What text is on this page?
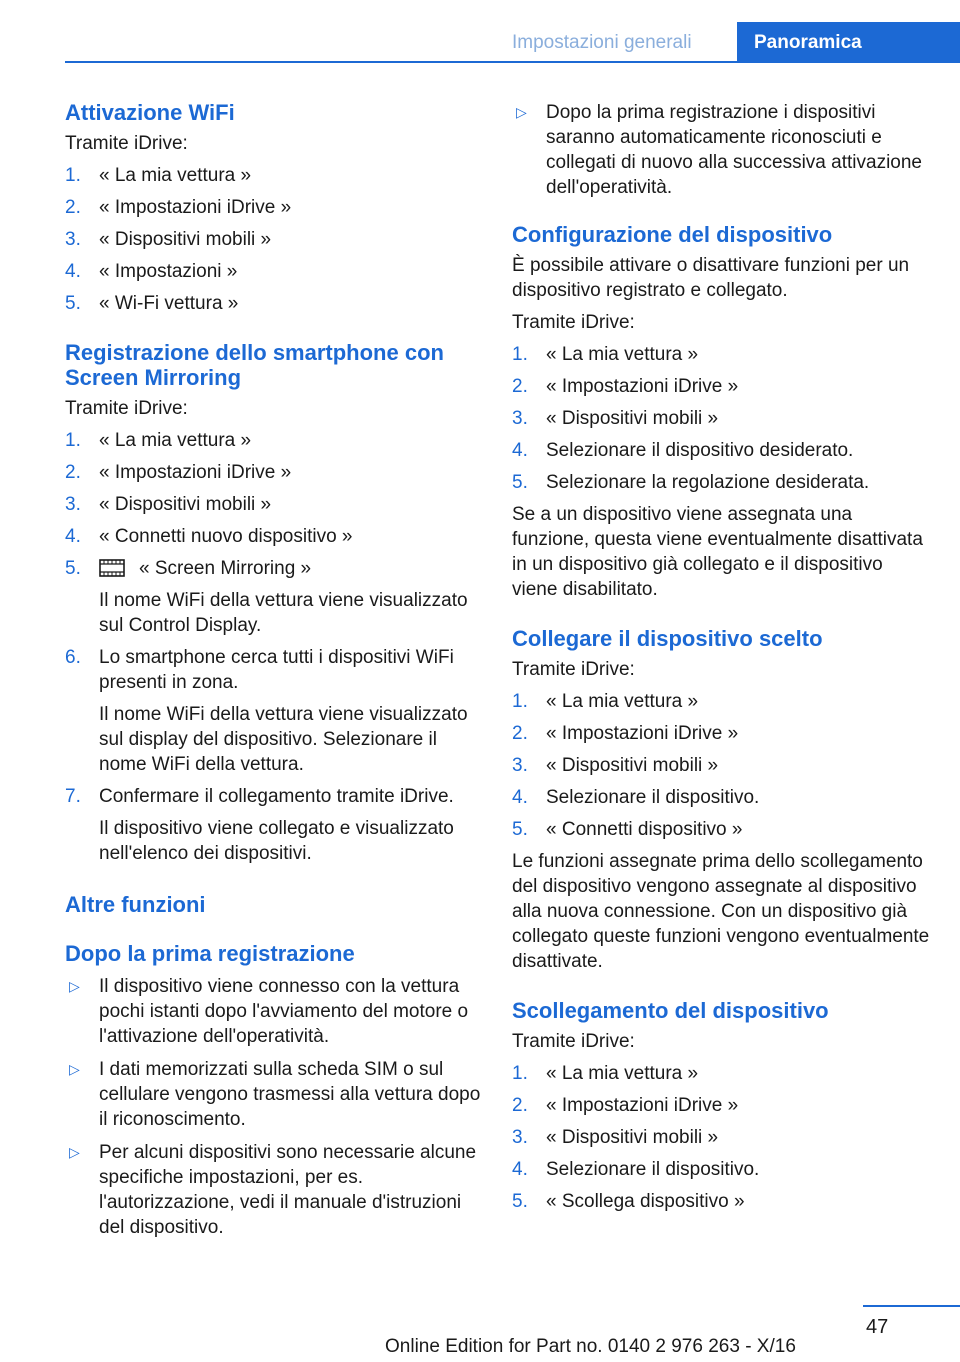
Impostazioni generali	Panoramica
Attivazione WiFi

Tramite iDrive:

1. « La mia vettura »
2. « Impostazioni iDrive »
3. « Dispositivi mobili »
4. « Impostazioni »
5. « Wi-Fi vettura »
Registrazione dello smartphone con Screen Mirroring

Tramite iDrive:

1. « La mia vettura »
2. « Impostazioni iDrive »
3. « Dispositivi mobili »
4. « Connetti nuovo dispositivo »
5.	« Screen Mirroring »
Il nome WiFi della vettura viene visualizzato sul Control Display.
6. Lo smartphone cerca tutti i dispositivi WiFi presenti in zona.
Il nome WiFi della vettura viene visualizzato sul display del dispositivo. Selezionare il nome WiFi della vettura.
7. Confermare il collegamento tramite iDrive.
Il dispositivo viene collegato e visualizzato nell'elenco dei dispositivi.
Altre funzioni
Dopo la prima registrazione
▷ Il dispositivo viene connesso con la vettura pochi istanti dopo l'avviamento del motore o l'attivazione dell'operatività.
▷ I dati memorizzati sulla scheda SIM o sul cellulare vengono trasmessi alla vettura dopo il riconoscimento.
▷ Per alcuni dispositivi sono necessarie alcune specifiche impostazioni, per es. l'autorizzazione, vedi il manuale d'istruzioni del dispositivo.
▷ Dopo la prima registrazione i dispositivi saranno automaticamente riconosciuti e collegati di nuovo alla successiva attivazione dell'operatività.
Configurazione del dispositivo

È possibile attivare o disattivare funzioni per un dispositivo registrato e collegato.

Tramite iDrive:

1. « La mia vettura »
2. « Impostazioni iDrive »
3. « Dispositivi mobili »
4. Selezionare il dispositivo desiderato.
5. Selezionare la regolazione desiderata.

Se a un dispositivo viene assegnata una funzione, questa viene eventualmente disattivata in un dispositivo già collegato e il dispositivo viene disabilitato.

Collegare il dispositivo scelto

Tramite iDrive:

1. « La mia vettura »
2. « Impostazioni iDrive »
3. « Dispositivi mobili »
4. Selezionare il dispositivo.
5. « Connetti dispositivo »

Le funzioni assegnate prima dello scollegamento del dispositivo vengono assegnate al dispositivo alla nuova connessione. Con un dispositivo già collegato queste funzioni vengono eventualmente disattivate.

Scollegamento del dispositivo

Tramite iDrive:

1. « La mia vettura »
2. « Impostazioni iDrive »
3. « Dispositivi mobili »
4. Selezionare il dispositivo.
5. « Scollega dispositivo »
47
Online Edition for Part no. 0140 2 976 263 - X/16
